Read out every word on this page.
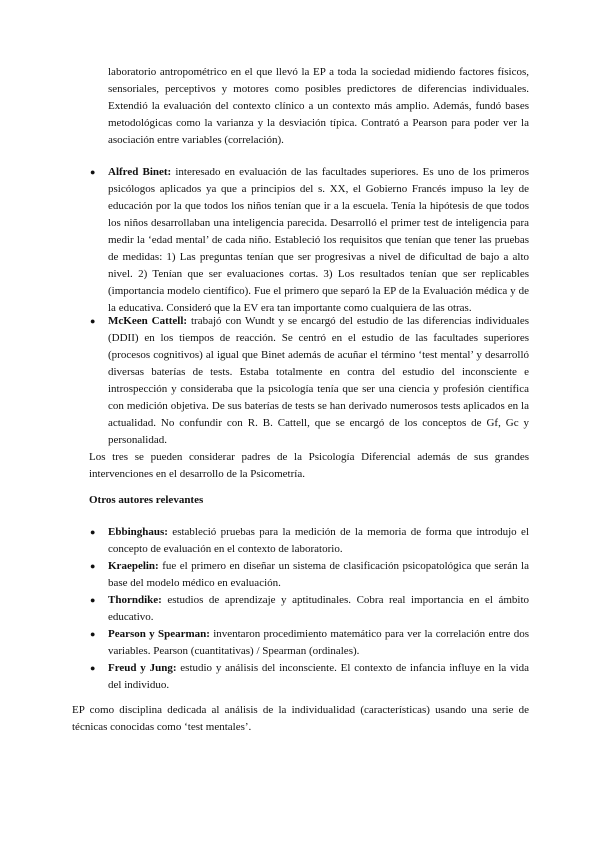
laboratorio antropométrico en el que llevó la EP a toda la sociedad midiendo factores físicos, sensoriales, perceptivos y motores como posibles predictores de diferencias individuales. Extendió la evaluación del contexto clínico a un contexto más amplio. Además, fundó bases metodológicas como la varianza y la desviación típica. Contrató a Pearson para poder ver la asociación entre variables (correlación).

● Alfred Binet: interesado en evaluación de las facultades superiores. Es uno de los primeros psicólogos aplicados ya que a principios del s. XX, el Gobierno Francés impuso la ley de educación por la que todos los niños tenían que ir a la escuela. Tenía la hipótesis de que todos los niños desarrollaban una inteligencia parecida. Desarrolló el primer test de inteligencia para medir la ‘edad mental’ de cada niño. Estableció los requisitos que tenían que tener las pruebas de medidas: 1) Las preguntas tenían que ser progresivas a nivel de dificultad de bajo a alto nivel. 2) Tenían que ser evaluaciones cortas. 3) Los resultados tenían que ser replicables (importancia modelo científico). Fue el primero que separó la EP de la Evaluación médica y de la educativa. Consideró que la EV era tan importante como cualquiera de las otras.
● McKeen Cattell: trabajó con Wundt y se encargó del estudio de las diferencias individuales (DDII) en los tiempos de reacción. Se centró en el estudio de las facultades superiores (procesos cognitivos) al igual que Binet además de acuñar el término ‘test mental’ y desarrolló diversas baterías de tests. Estaba totalmente en contra del estudio del inconsciente e introspección y consideraba que la psicología tenía que ser una ciencia y profesión científica con medición objetiva. De sus baterías de tests se han derivado numerosos tests aplicados en la actualidad. No confundir con R. B. Cattell, que se encargó de los conceptos de Gf, Gc y personalidad.

Los tres se pueden considerar padres de la Psicología Diferencial además de sus grandes intervenciones en el desarrollo de la Psicometría.

Otros autores relevantes

● Ebbinghaus: estableció pruebas para la medición de la memoria de forma que introdujo el concepto de evaluación en el contexto de laboratorio.
● Kraepelin: fue el primero en diseñar un sistema de clasificación psicopatológica que serán la base del modelo médico en evaluación.
● Thorndike: estudios de aprendizaje y aptitudinales. Cobra real importancia en el ámbito educativo.
● Pearson y Spearman: inventaron procedimiento matemático para ver la correlación entre dos variables. Pearson (cuantitativas) / Spearman (ordinales).
● Freud y Jung: estudio y análisis del inconsciente. El contexto de infancia influye en la vida del individuo.

EP como disciplina dedicada al análisis de la individualidad (características) usando una serie de técnicas conocidas como ‘test mentales’.
